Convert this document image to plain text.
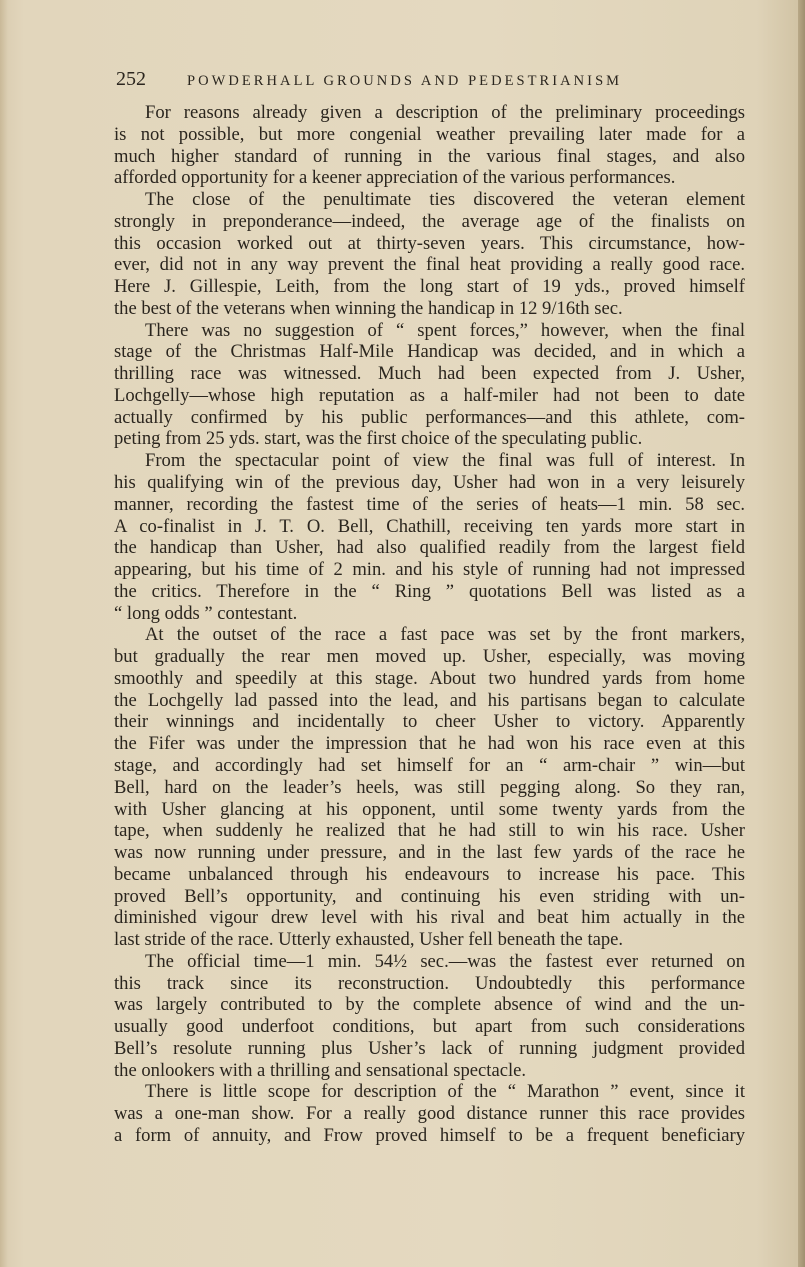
252	POWDERHALL GROUNDS AND PEDESTRIANISM
For reasons already given a description of the preliminary proceedings
is not possible, but more congenial weather prevailing later made for a
much higher standard of running in the various final stages, and also
afforded opportunity for a keener appreciation of the various performances.
The close of the penultimate ties discovered the veteran element
strongly in preponderance—indeed, the average age of the finalists on
this occasion worked out at thirty-seven years. This circumstance, how-
ever, did not in any way prevent the final heat providing a really good race.
Here J. Gillespie, Leith, from the long start of 19 yds., proved himself
the best of the veterans when winning the handicap in 12 9/16th sec.
There was no suggestion of “ spent forces,” however, when the final
stage of the Christmas Half-Mile Handicap was decided, and in which a
thrilling race was witnessed. Much had been expected from J. Usher,
Lochgelly—whose high reputation as a half-miler had not been to date
actually confirmed by his public performances—and this athlete, com-
peting from 25 yds. start, was the first choice of the speculating public.
From the spectacular point of view the final was full of interest. In
his qualifying win of the previous day, Usher had won in a very leisurely
manner, recording the fastest time of the series of heats—1 min. 58 sec.
A co-finalist in J. T. O. Bell, Chathill, receiving ten yards more start in
the handicap than Usher, had also qualified readily from the largest field
appearing, but his time of 2 min. and his style of running had not impressed
the critics. Therefore in the “ Ring ” quotations Bell was listed as a
“ long odds ” contestant.
At the outset of the race a fast pace was set by the front markers,
but gradually the rear men moved up. Usher, especially, was moving
smoothly and speedily at this stage. About two hundred yards from home
the Lochgelly lad passed into the lead, and his partisans began to calculate
their winnings and incidentally to cheer Usher to victory. Apparently
the Fifer was under the impression that he had won his race even at this
stage, and accordingly had set himself for an “ arm-chair ” win—but
Bell, hard on the leader’s heels, was still pegging along. So they ran,
with Usher glancing at his opponent, until some twenty yards from the
tape, when suddenly he realized that he had still to win his race. Usher
was now running under pressure, and in the last few yards of the race he
became unbalanced through his endeavours to increase his pace. This
proved Bell’s opportunity, and continuing his even striding with un-
diminished vigour drew level with his rival and beat him actually in the
last stride of the race. Utterly exhausted, Usher fell beneath the tape.
The official time—1 min. 54½ sec.—was the fastest ever returned on
this track since its reconstruction. Undoubtedly this performance
was largely contributed to by the complete absence of wind and the un-
usually good underfoot conditions, but apart from such considerations
Bell’s resolute running plus Usher’s lack of running judgment provided
the onlookers with a thrilling and sensational spectacle.
There is little scope for description of the “ Marathon ” event, since it
was a one-man show. For a really good distance runner this race provides
a form of annuity, and Frow proved himself to be a frequent beneficiary
